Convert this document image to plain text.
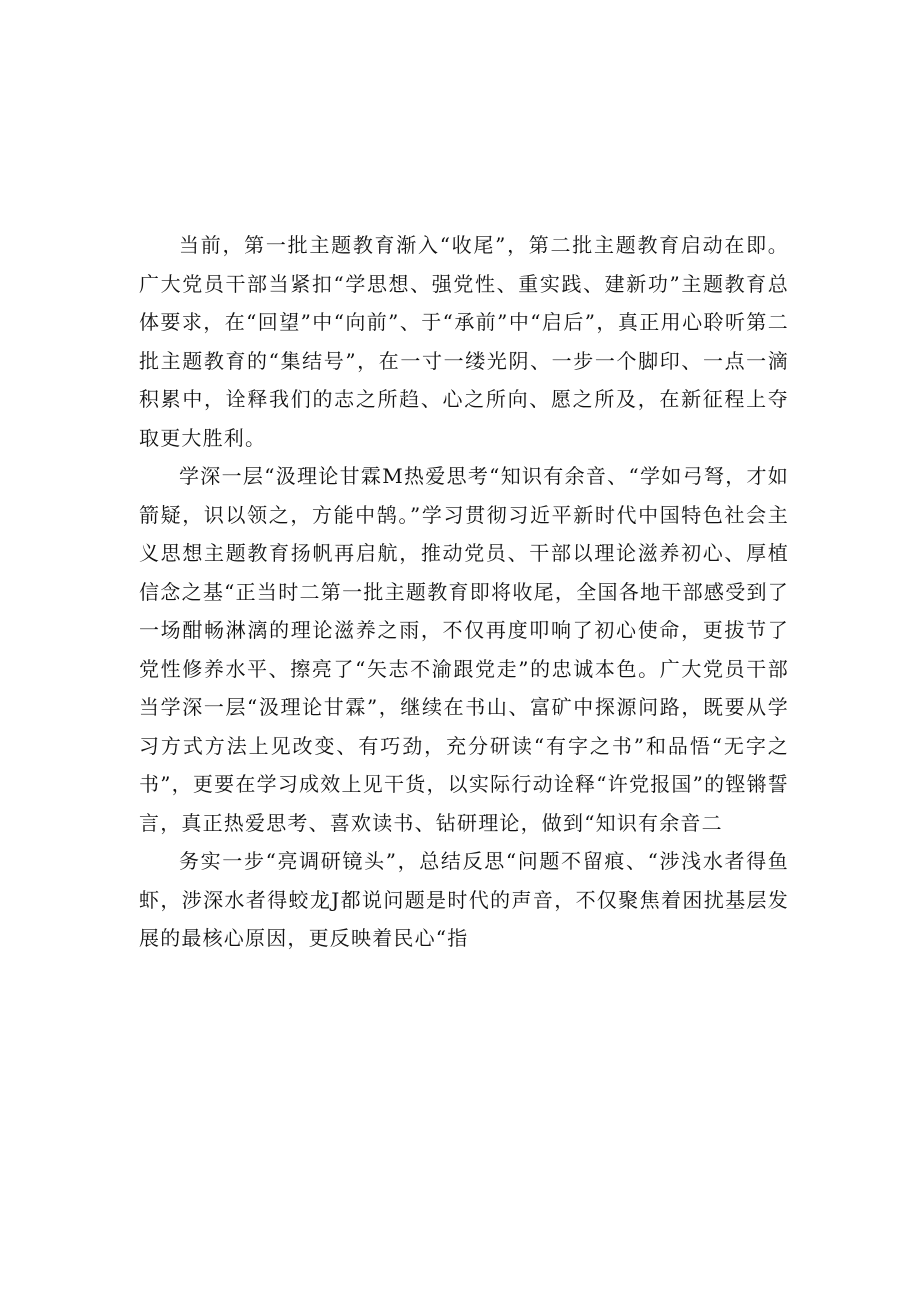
当前，第一批主题教育渐入“收尾”，第二批主题教育启动在即。广大党员干部当紧扣“学思想、强党性、重实践、建新功”主题教育总体要求，在“回望”中“向前”、于“承前”中“启后”，真正用心聆听第二批主题教育的“集结号”，在一寸一缕光阴、一步一个脚印、一点一滴积累中，诠释我们的志之所趋、心之所向、愿之所及，在新征程上夺取更大胜利。

学深一层“汲理论甘霖M热爱思考“知识有余音、“学如弓弩，才如箭疑，识以领之，方能中鹄。”学习贯彻习近平新时代中国特色社会主义思想主题教育扬帆再启航，推动党员、干部以理论滋养初心、厚植信念之基“正当时二第一批主题教育即将收尾，全国各地干部感受到了一场酣畅淋漓的理论滋养之雨，不仅再度叩响了初心使命，更拔节了党性修养水平、擦亮了“矢志不渝跟党走”的忠诚本色。广大党员干部当学深一层“汲理论甘霖”，继续在书山、富矿中探源问路，既要从学习方式方法上见改变、有巧劲，充分研读“有字之书”和品悟“无字之书”，更要在学习成效上见干货，以实际行动诠释“许党报国”的铿锵誓言，真正热爱思考、喜欢读书、钻研理论，做到“知识有余音二

务实一步“亮调研镜头”，总结反思“问题不留痕、“涉浅水者得鱼虾，涉深水者得蛟龙J都说问题是时代的声音，不仅聚焦着困扰基层发展的最核心原因，更反映着民心“指
